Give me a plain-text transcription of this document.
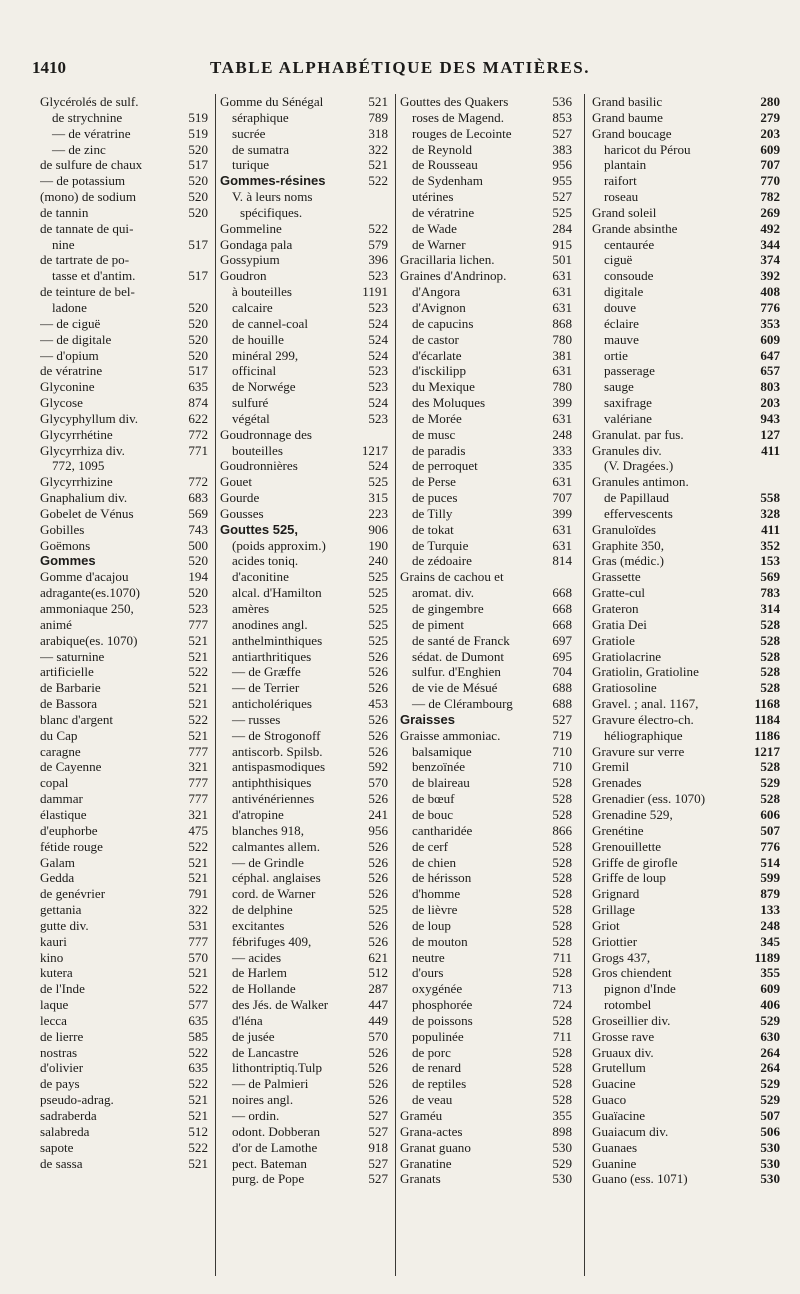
1410	TABLE ALPHABÉTIQUE DES MATIÈRES.
Glycérolés de sulf.
de strychnine	519
— de vératrine	519
— de zinc	520
de sulfure de chaux	517
— de potassium	520
(mono) de sodium	520
de tannin	520
de tannate de qui-
nine	517
de tartrate de po-
tasse et d'antim.	517
de teinture de bel-
ladone	520
— de ciguë	520
— de digitale	520
— d'opium	520
de vératrine	517
Glyconine	635
Glycose	874
Glycyphyllum div.	622
Glycyrrhétine	772
Glycyrrhiza div.	771
772, 1095
Glycyrrhizine	772
Gnaphalium div.	683
Gobelet de Vénus	569
Gobilles	743
Goëmons	500
Gommes	520
Gomme d'acajou	194
adragante(es.1070)	520
ammoniaque 250,	523
animé	777
arabique(es. 1070)	521
— saturnine	521
artificielle	522
de Barbarie	521
de Bassora	521
blanc d'argent	522
du Cap	521
caragne	777
de Cayenne	321
copal	777
dammar	777
élastique	321
d'euphorbe	475
fétide rouge	522
Galam	521
Gedda	521
de genévrier	791
gettania	322
gutte div.	531
kauri	777
kino	570
kutera	521
de l'Inde	522
laque	577
lecca	635
de lierre	585
nostras	522
d'olivier	635
de pays	522
pseudo-adrag.	521
sadraberda	521
salabreda	512
sapote	522
de sassa	521
Gomme du Sénégal	521
séraphique	789
sucrée	318
de sumatra	322
turique	521
Gommes-résines	522
V. à leurs noms
spécifiques.
Gommeline	522
Gondaga pala	579
Gossypium	396
Goudron	523
à bouteilles	1191
calcaire	523
de cannel-coal	524
de houille	524
minéral 299,	524
officinal	523
de Norwége	523
sulfuré	524
végétal	523
Goudronnage des
bouteilles	1217
Goudronnières	524
Gouet	525
Gourde	315
Gousses	223
Gouttes 525,	906
(poids approxim.)	190
acides toniq.	240
d'aconitine	525
alcal. d'Hamilton	525
amères	525
anodines angl.	525
anthelminthiques	525
antiarthritiques	526
— de Græffe	526
— de Terrier	526
anticholériques	453
— russes	526
— de Strogonoff	526
antiscorb. Spilsb.	526
antispasmodiques	592
antiphthisiques	570
antivénériennes	526
d'atropine	241
blanches 918,	956
calmantes allem.	526
— de Grindle	526
céphal. anglaises	526
cord. de Warner	526
de delphine	525
excitantes	526
fébrifuges 409,	526
— acides	621
de Harlem	512
de Hollande	287
des Jés. de Walker	447
d'léna	449
de jusée	570
de Lancastre	526
lithontriptiq.Tulp	526
— de Palmieri	526
noires angl.	526
— ordin.	527
odont. Dobberan	527
d'or de Lamothe	918
pect. Bateman	527
purg. de Pope	527
Gouttes des Quakers	536
roses de Magend.	853
rouges de Lecointe	527
de Reynold	383
de Rousseau	956
de Sydenham	955
utérines	527
de vératrine	525
de Wade	284
de Warner	915
Gracillaria lichen.	501
Graines d'Andrinop.	631
d'Angora	631
d'Avignon	631
de capucins	868
de castor	780
d'écarlate	381
d'isckilipp	631
du Mexique	780
des Moluques	399
de Morée	631
de musc	248
de paradis	333
de perroquet	335
de Perse	631
de puces	707
de Tilly	399
de tokat	631
de Turquie	631
de zédoaire	814
Grains de cachou et
aromat. div.	668
de gingembre	668
de piment	668
de santé de Franck	697
sédat. de Dumont	695
sulfur. d'Enghien	704
de vie de Mésué	688
— de Clérambourg	688
Graisses	527
Graisse ammoniac.	719
balsamique	710
benzoïnée	710
de blaireau	528
de bœuf	528
de bouc	528
cantharidée	866
de cerf	528
de chien	528
de hérisson	528
d'homme	528
de lièvre	528
de loup	528
de mouton	528
neutre	711
d'ours	528
oxygénée	713
phosphorée	724
de poissons	528
populinée	711
de porc	528
de renard	528
de reptiles	528
de veau	528
Graméu	355
Grana-actes	898
Granat guano	530
Granatine	529
Granats	530
Grand basilic	280
Grand baume	279
Grand boucage	203
haricot du Pérou	609
plantain	707
raifort	770
roseau	782
Grand soleil	269
Grande absinthe	492
centaurée	344
ciguë	374
consoude	392
digitale	408
douve	776
éclaire	353
mauve	609
ortie	647
passerage	657
sauge	803
saxifrage	203
valériane	943
Granulat. par fus.	127
Granules div.	411
(V. Dragées.)
Granules antimon.
de Papillaud	558
effervescents	328
Granuloïdes	411
Graphite 350,	352
Gras (médic.)	153
Grassette	569
Gratte-cul	783
Grateron	314
Gratia Dei	528
Gratiole	528
Gratiolacrine	528
Gratiolin, Gratioline	528
Gratiosoline	528
Gravel. ; anal. 1167,	1168
Gravure électro-ch.	1184
héliographique	1186
Gravure sur verre	1217
Gremil	528
Grenades	529
Grenadier (ess. 1070)	528
Grenadine 529,	606
Grenétine	507
Grenouillette	776
Griffe de girofle	514
Griffe de loup	599
Grignard	879
Grillage	133
Griot	248
Griottier	345
Grogs 437,	1189
Gros chiendent	355
pignon d'Inde	609
rotombel	406
Groseillier div.	529
Grosse rave	630
Gruaux div.	264
Grutellum	264
Guacine	529
Guaco	529
Guaïacine	507
Guaiacum div.	506
Guanaes	530
Guanine	530
Guano (ess. 1071)	530
